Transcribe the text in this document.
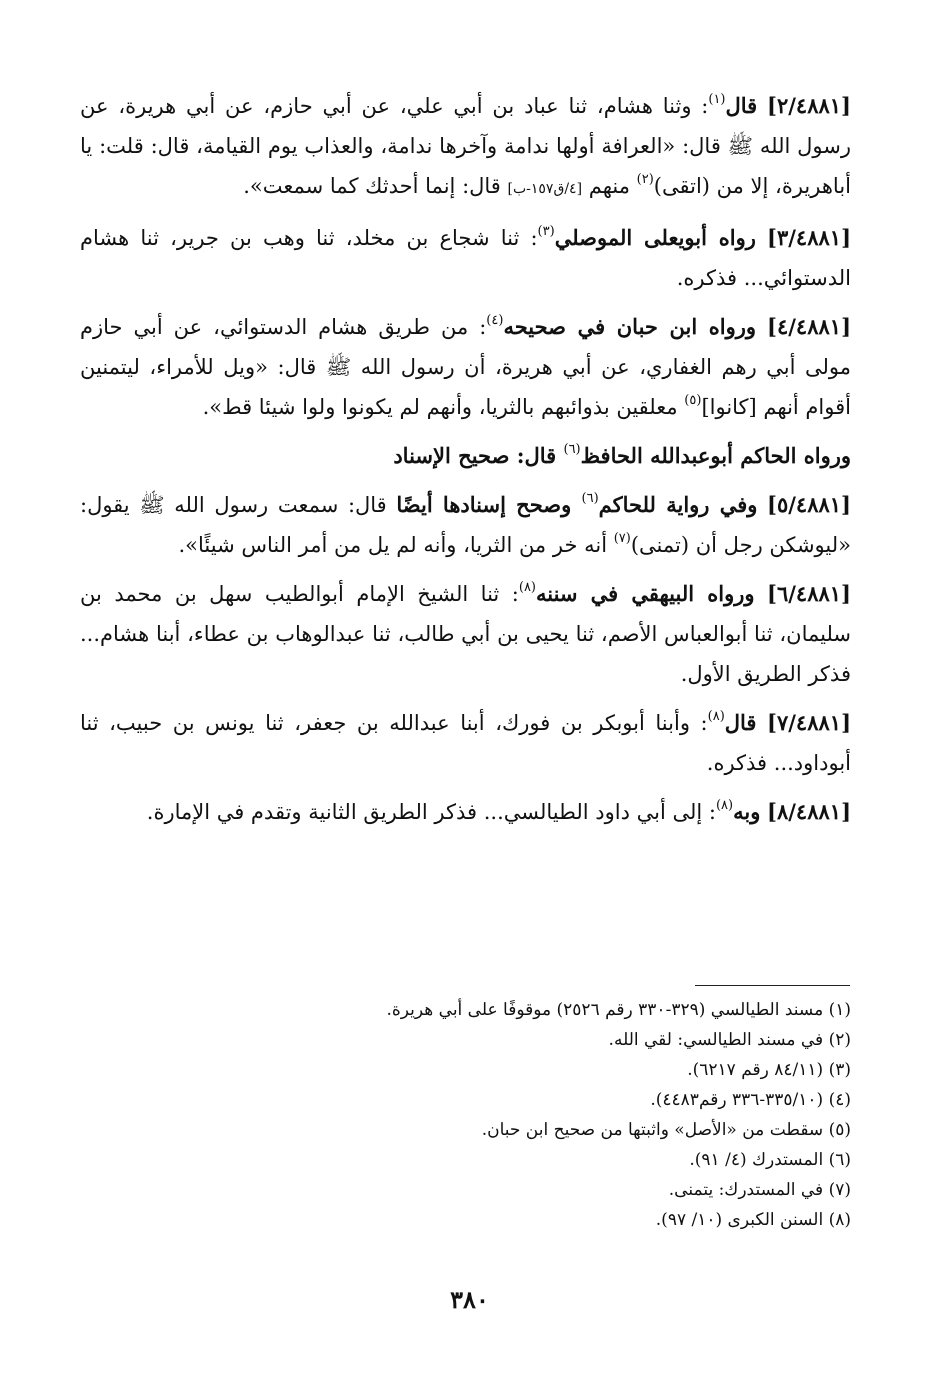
[٢/٤٨٨١] قال$^{(١)}$: وثنا هشام، ثنا عباد بن أبي علي، عن أبي حازم، عن أبي هريرة، عن رسول الله ﷺ قال: «العرافة أولها ندامة وآخرها ندامة، والعذاب يوم القيامة، قال: قلت: يا أباهريرة، إلا من (اتقى)$^{(٢)}$ منهم [٤/ق١٥٧-ب] قال: إنما أحدثك كما سمعت».

[٣/٤٨٨١] رواه أبويعلى الموصلي$^{(٣)}$: ثنا شجاع بن مخلد، ثنا وهب بن جرير، ثنا هشام الدستوائي... فذكره.

[٤/٤٨٨١] ورواه ابن حبان في صحيحه$^{(٤)}$: من طريق هشام الدستوائي، عن أبي حازم مولى أبي رهم الغفاري، عن أبي هريرة، أن رسول الله ﷺ قال: «ويل للأمراء، ليتمنين أقوام أنهم [كانوا]$^{(٥)}$ معلقين بذوائبهم بالثريا، وأنهم لم يكونوا ولوا شيئا قط».

ورواه الحاكم أبوعبدالله الحافظ$^{(٦)}$ قال: صحيح الإسناد

[٥/٤٨٨١] وفي رواية للحاكم$^{(٦)}$ وصحح إسنادها أيضًا قال: سمعت رسول الله ﷺ يقول: «ليوشكن رجل أن (تمنى)$^{(٧)}$ أنه خر من الثريا، وأنه لم يل من أمر الناس شيئًا».

[٦/٤٨٨١] ورواه البيهقي في سننه$^{(٨)}$: ثنا الشيخ الإمام أبوالطيب سهل بن محمد بن سليمان، ثنا أبوالعباس الأصم، ثنا يحيى بن أبي طالب، ثنا عبدالوهاب بن عطاء، أبنا هشام... فذكر الطريق الأول.

[٧/٤٨٨١] قال$^{(٨)}$: وأبنا أبوبكر بن فورك، أبنا عبدالله بن جعفر، ثنا يونس بن حبيب، ثنا أبوداود... فذكره.

[٨/٤٨٨١] وبه$^{(٨)}$: إلى أبي داود الطيالسي... فذكر الطريق الثانية وتقدم في الإمارة.

(١) مسند الطيالسي (٣٢٩-٣٣٠ رقم ٢٥٢٦) موقوفًا على أبي هريرة.

(٢) في مسند الطيالسي: لقي الله.

(٣) (٨٤/١١ رقم ٦٢١٧).

(٤) (٣٣٥/١٠-٣٣٦ رقم٤٤٨٣).

(٥) سقطت من «الأصل» واثبتها من صحيح ابن حبان.

(٦) المستدرك (٤/ ٩١).

(٧) في المستدرك: يتمنى.

(٨) السنن الكبرى (١٠/ ٩٧).

٣٨٠
